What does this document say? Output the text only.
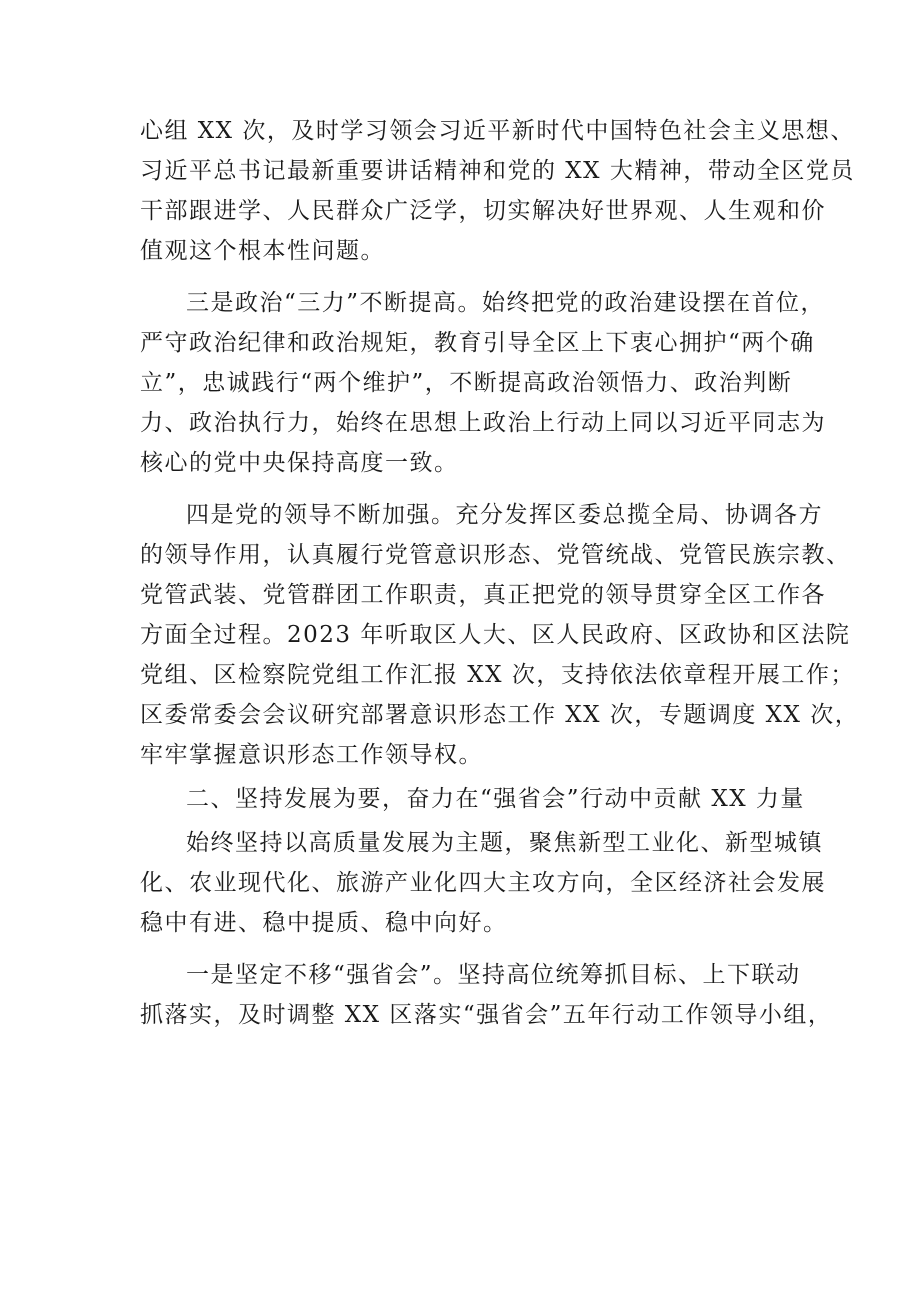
心组 XX 次，及时学习领会习近平新时代中国特色社会主义思想、
习近平总书记最新重要讲话精神和党的 XX 大精神，带动全区党员
干部跟进学、人民群众广泛学，切实解决好世界观、人生观和价
值观这个根本性问题。
三是政治“三力”不断提高。始终把党的政治建设摆在首位，
严守政治纪律和政治规矩，教育引导全区上下衷心拥护“两个确
立”，忠诚践行“两个维护”，不断提高政治领悟力、政治判断
力、政治执行力，始终在思想上政治上行动上同以习近平同志为
核心的党中央保持高度一致。
四是党的领导不断加强。充分发挥区委总揽全局、协调各方
的领导作用，认真履行党管意识形态、党管统战、党管民族宗教、
党管武装、党管群团工作职责，真正把党的领导贯穿全区工作各
方面全过程。2023 年听取区人大、区人民政府、区政协和区法院
党组、区检察院党组工作汇报 XX 次，支持依法依章程开展工作；
区委常委会会议研究部署意识形态工作 XX 次，专题调度 XX 次，
牢牢掌握意识形态工作领导权。
二、坚持发展为要，奋力在“强省会”行动中贡献 XX 力量
始终坚持以高质量发展为主题，聚焦新型工业化、新型城镇
化、农业现代化、旅游产业化四大主攻方向，全区经济社会发展
稳中有进、稳中提质、稳中向好。
一是坚定不移“强省会”。坚持高位统筹抓目标、上下联动
抓落实，及时调整 XX 区落实“强省会”五年行动工作领导小组，
